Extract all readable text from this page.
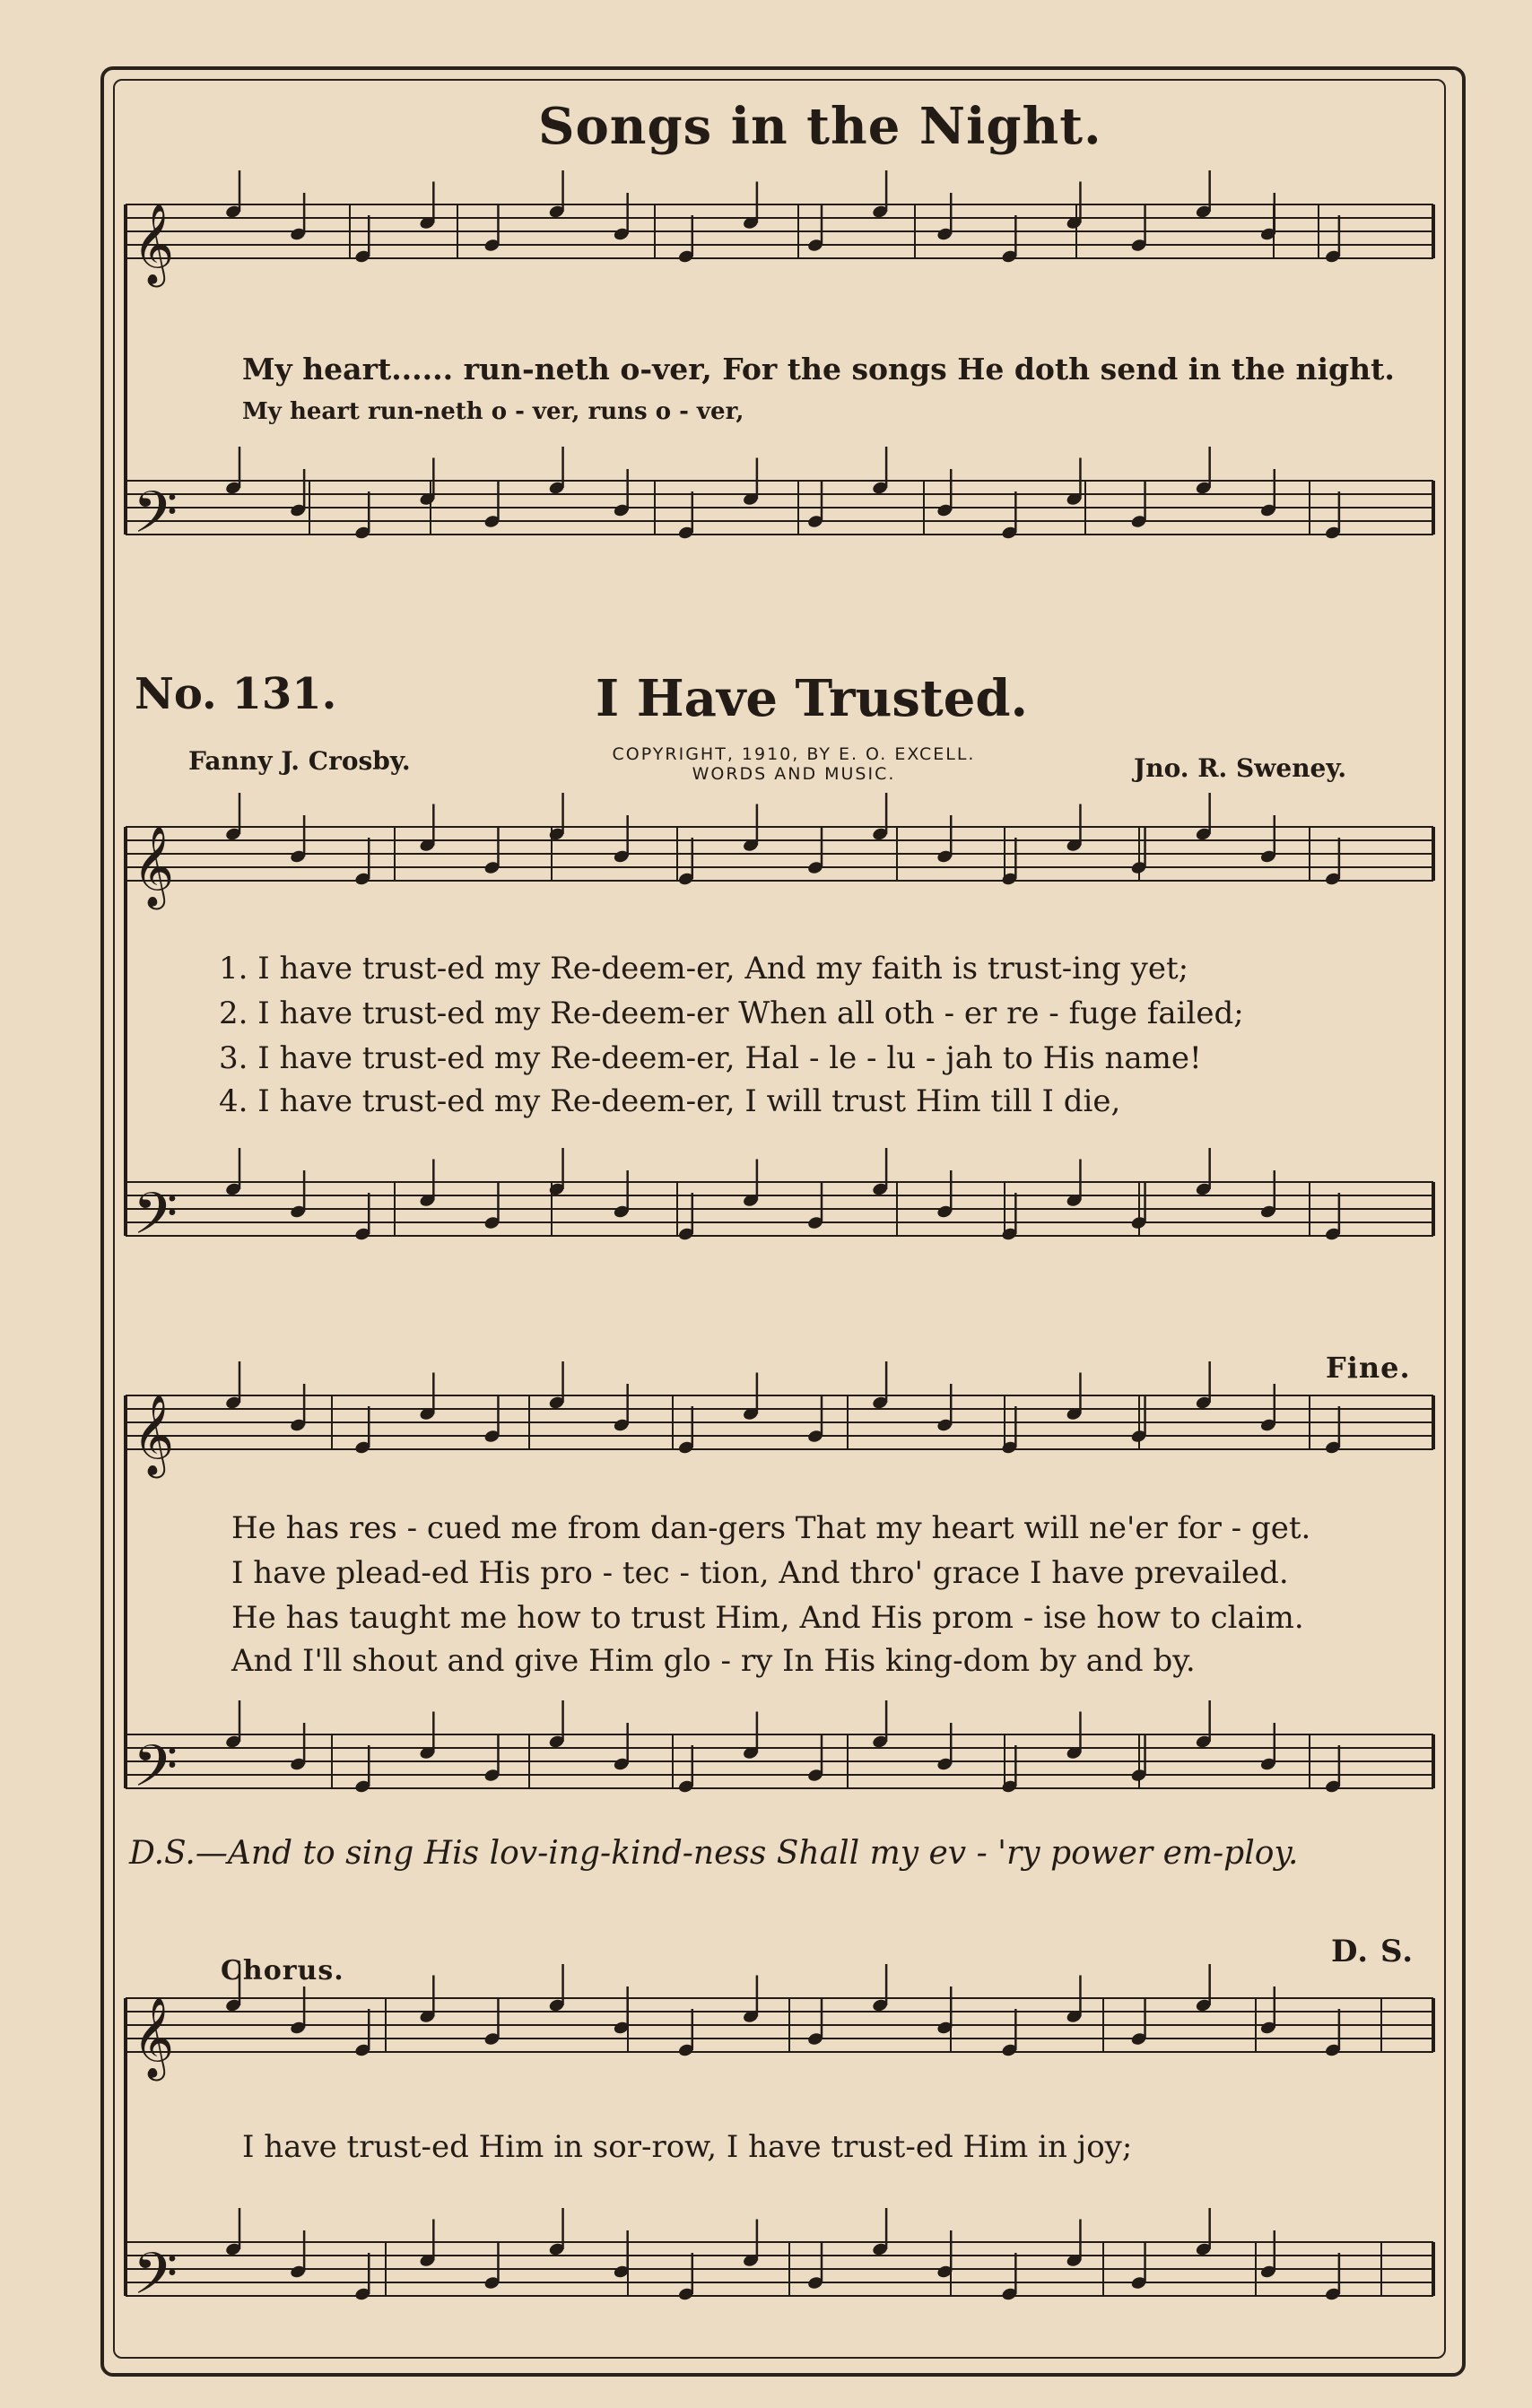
𝄞
𝄢
𝄞
𝄢
𝄞
𝄢
𝄞
𝄢
Songs in the Night.
My heart...... run-neth o-ver, For the songs He doth send in the night.
My heart run-neth o - ver, runs o - ver,
No. 131.	I Have Trusted.
Fanny J. Crosby.	COPYRIGHT, 1910, BY E. O. EXCELL.
WORDS AND MUSIC.	Jno. R. Sweney.
1. I have trust-ed my Re-deem-er, And my faith is trust-ing yet;
2. I have trust-ed my Re-deem-er When all oth - er re - fuge failed;
3. I have trust-ed my Re-deem-er, Hal - le - lu - jah to His name!
4. I have trust-ed my Re-deem-er, I will trust Him till I die,
Fine.
He has res - cued me from dan-gers That my heart will ne'er for - get.
I have plead-ed His pro - tec - tion, And thro' grace I have prevailed.
He has taught me how to trust Him, And His prom - ise how to claim.
And I'll shout and give Him glo - ry In His king-dom by and by.
D.S.—And to sing His lov-ing-kind-ness Shall my ev - 'ry power em-ploy.
Chorus.
D. S.
I have trust-ed Him in sor-row, I have trust-ed Him in joy;
